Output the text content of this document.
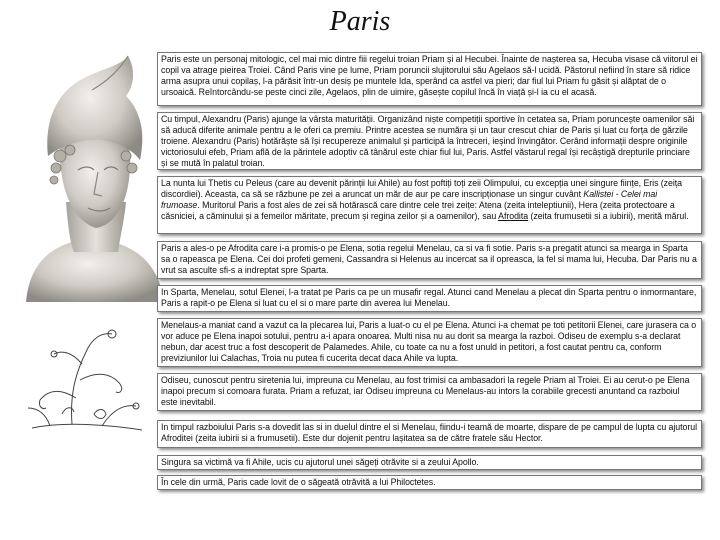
Paris

Paris este un personaj mitologic, cel mai mic dintre fiii regelui troian Priam și al Hecubei. Înainte de nașterea sa, Hecuba visase că viitorul ei copil va atrage pieirea Troiei. Când Paris vine pe lume, Priam poruncii slujitorului său Agelaos să-l ucidă. Păstorul nefiind în stare să ridice arma asupra unui copilaș, l-a părăsit într-un desiș pe muntele Ida, sperând ca astfel va pieri; dar fiul lui Priam fu găsit și alăptat de o ursoaică. Reîntorcându-se peste cinci zile, Agelaos, plin de uimire, găsește copilul încă în viață și-l ia cu el acasă.

Cu timpul, Alexandru (Paris) ajunge la vârsta maturității. Organizând niște competiții sportive în cetatea sa, Priam poruncește oamenilor săi să aducă diferite animale pentru a le oferi ca premiu. Printre acestea se număra și un taur crescut chiar de Paris și luat cu forța de gărzile troiene. Alexandru (Paris) hotărăște să își recupereze animalul și participă la întreceri, ieșind învingător. Cerând informații despre originile victoriosului efeb, Priam află de la părintele adoptiv că tânărul este chiar fiul lui, Paris. Astfel văstarul regal își recâștigă drepturile princiare și se mută în palatul troian.

La nunta lui Thetis cu Peleus (care au devenit părinții lui Ahile) au fost poftiți toți zeii Olimpului, cu excepția unei singure ființe, Eris (zeița discordiei). Aceasta, ca să se răzbune pe zei a aruncat un măr de aur pe care inscripționase un singur cuvânt Kallistei - Celei mai frumoase. Muritorul Paris a fost ales de zei să hotărască care dintre cele trei zeițe: Atena (zeita inteleptiunii), Hera (zeita protectoare a căsniciei, a căminului și a femeilor măritate, precum și regina zeilor și a oamenilor), sau Afrodita (zeita frumusetii si a iubirii), merită mărul.

Paris a ales-o pe Afrodita care i-a promis-o pe Elena, sotia regelui Menelau, ca si va fi sotie. Paris s-a pregatit atunci sa mearga in Sparta sa o rapeasca pe Elena. Cei doi profeti gemeni, Cassandra si Helenus au incercat sa il opreasca, la fel si mama lui, Hecuba. Dar Paris nu a vrut sa asculte sfi-s a indreptat spre Sparta.

In Sparta, Menelau, sotul Elenei, l-a tratat pe Paris ca pe un musafir regal. Atunci cand Menelau a plecat din Sparta pentru o inmormantare, Paris a rapit-o pe Elena si luat cu el si o mare parte din averea lui Menelau.

Menelaus-a maniat cand a vazut ca la plecarea lui, Paris a luat-o cu el pe Elena. Atunci i-a chemat pe toti petitorii Elenei, care jurasera ca o vor aduce pe Elena inapoi sotului, pentru a-i apara onoarea. Multi nisa nu au dorit sa mearga la razboi. Odiseu de exemplu s-a declarat nebun, dar acest truc a fost descoperit de Palamedes. Ahile, cu toate ca nu a fost unuld in petitori, a fost cautat pentru ca, conform previziunilor lui Calachas, Troia nu putea fi cucerita decat daca Ahile va lupta.

Odiseu, cunoscut pentru siretenia lui, impreuna cu Menelau, au fost trimisi ca ambasadori la regele Priam al Troiei. Ei au cerut-o pe Elena inapoi precum si comoara furata. Priam a refuzat, iar Odiseu impreuna cu Menelaus-au intors la corabiile grecesti anuntand ca razboiul este inevitabil.

In timpul razboiului Paris s-a dovedit las si in duelul dintre el si Menelau, fiindu-i teamă de moarte, dispare de pe campul de lupta cu ajutorul Afroditei (zeita iubirii si a frumusetii). Este dur dojenit pentru lașitatea sa de către fratele său Hector.

Singura sa victimă va fi Ahile, ucis cu ajutorul unei săgeți otrăvite si a zeului Apollo.

În cele din urmă, Paris cade lovit de o săgeată otrăvită a lui Philoctetes.
